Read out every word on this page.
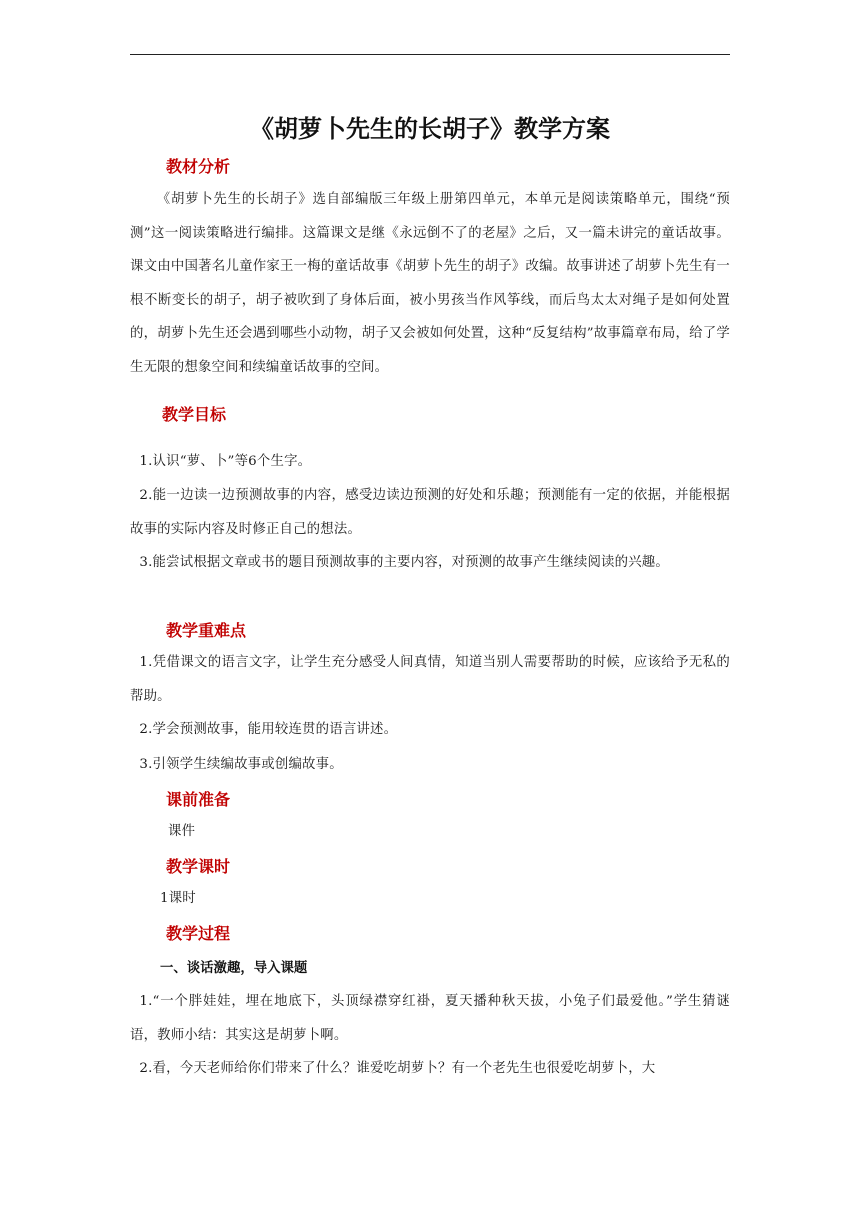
《胡萝卜先生的长胡子》教学方案
教材分析

《胡萝卜先生的长胡子》选自部编版三年级上册第四单元，本单元是阅读策略单元，围绕“预测”这一阅读策略进行编排。这篇课文是继《永远倒不了的老屋》之后，又一篇未讲完的童话故事。课文由中国著名儿童作家王一梅的童话故事《胡萝卜先生的胡子》改编。故事讲述了胡萝卜先生有一根不断变长的胡子，胡子被吹到了身体后面，被小男孩当作风筝线，而后鸟太太对绳子是如何处置的，胡萝卜先生还会遇到哪些小动物，胡子又会被如何处置，这种“反复结构”故事篇章布局，给了学生无限的想象空间和续编童话故事的空间。

教学目标

1.认识“萝、卜”等6个生字。

2.能一边读一边预测故事的内容，感受边读边预测的好处和乐趣；预测能有一定的依据，并能根据故事的实际内容及时修正自己的想法。

3.能尝试根据文章或书的题目预测故事的主要内容，对预测的故事产生继续阅读的兴趣。

教学重难点

1.凭借课文的语言文字，让学生充分感受人间真情，知道当别人需要帮助的时候，应该给予无私的帮助。

2.学会预测故事，能用较连贯的语言讲述。

3.引领学生续编故事或创编故事。

课前准备

课件

教学课时

1课时

教学过程
一、谈话激趣，导入课题

1.“一个胖娃娃，埋在地底下，头顶绿襟穿红褂，夏天播种秋天拔，小兔子们最爱他。”学生猜谜语，教师小结：其实这是胡萝卜啊。

2.看，今天老师给你们带来了什么？谁爱吃胡萝卜？有一个老先生也很爱吃胡萝卜，大
